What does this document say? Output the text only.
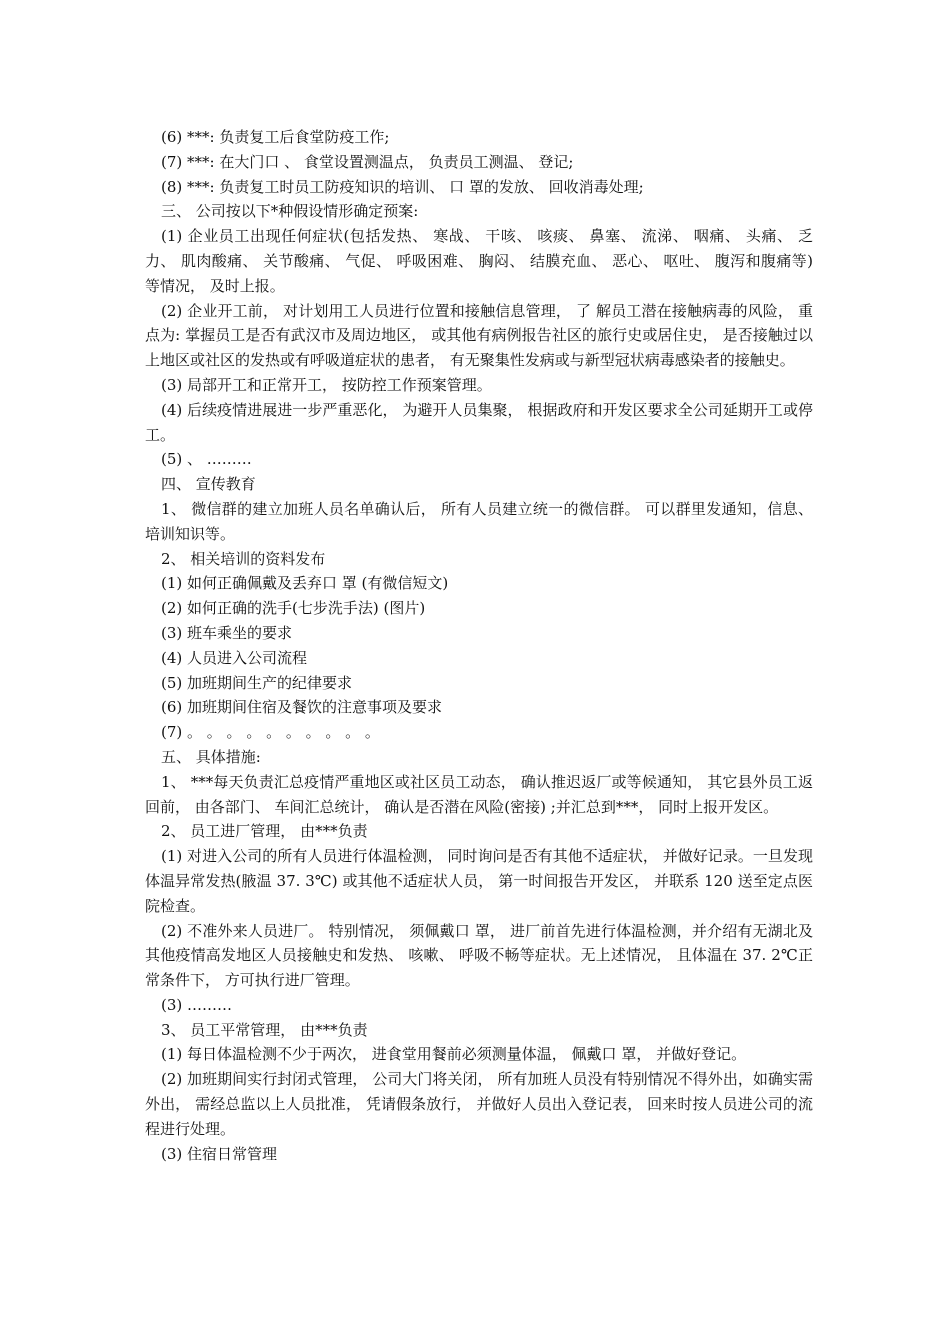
(6) ***: 负责复工后食堂防疫工作;

(7) ***: 在大门口 、 食堂设置测温点， 负责员工测温、 登记;

(8) ***: 负责复工时员工防疫知识的培训、 口 罩的发放、 回收消毒处理;

三、 公司按以下*种假设情形确定预案:

(1) 企业员工出现任何症状(包括发热、 寒战、 干咳、 咳痰、 鼻塞、 流涕、 咽痛、 头痛、 乏力、 肌肉酸痛、 关节酸痛、 气促、 呼吸困难、 胸闷、 结膜充血、 恶心、 呕吐、 腹泻和腹痛等) 等情况， 及时上报。

(2) 企业开工前， 对计划用工人员进行位置和接触信息管理， 了 解员工潜在接触病毒的风险， 重点为: 掌握员工是否有武汉市及周边地区， 或其他有病例报告社区的旅行史或居住史， 是否接触过以上地区或社区的发热或有呼吸道症状的患者， 有无聚集性发病或与新型冠状病毒感染者的接触史。

(3) 局部开工和正常开工， 按防控工作预案管理。

(4) 后续疫情进展进一步严重恶化， 为避开人员集聚， 根据政府和开发区要求全公司延期开工或停工。

(5) 、 ………

四、 宣传教育

1、 微信群的建立加班人员名单确认后， 所有人员建立统一的微信群。 可以群里发通知，信息、培训知识等。

2、 相关培训的资料发布

(1) 如何正确佩戴及丢弃口 罩 (有微信短文)

(2) 如何正确的洗手(七步洗手法) (图片)

(3) 班车乘坐的要求

(4) 人员进入公司流程

(5) 加班期间生产的纪律要求

(6) 加班期间住宿及餐饮的注意事项及要求

(7) 。 。 。 。 。 。 。 。 。 。

五、 具体措施:

1、 ***每天负责汇总疫情严重地区或社区员工动态， 确认推迟返厂或等候通知， 其它县外员工返回前， 由各部门、 车间汇总统计， 确认是否潜在风险(密接) ;并汇总到***， 同时上报开发区。

2、 员工进厂管理， 由***负责

(1) 对进入公司的所有人员进行体温检测， 同时询问是否有其他不适症状， 并做好记录。一旦发现体温异常发热(腋温 37. 3℃) 或其他不适症状人员， 第一时间报告开发区， 并联系 120 送至定点医院检查。

(2) 不准外来人员进厂。 特别情况， 须佩戴口 罩， 进厂前首先进行体温检测，并介绍有无湖北及其他疫情高发地区人员接触史和发热、 咳嗽、 呼吸不畅等症状。无上述情况， 且体温在 37. 2℃正常条件下， 方可执行进厂管理。

(3) ………

3、 员工平常管理， 由***负责

(1) 每日体温检测不少于两次， 进食堂用餐前必须测量体温， 佩戴口 罩， 并做好登记。

(2) 加班期间实行封闭式管理， 公司大门将关闭， 所有加班人员没有特别情况不得外出，如确实需外出， 需经总监以上人员批准， 凭请假条放行， 并做好人员出入登记表， 回来时按人员进公司的流程进行处理。

(3) 住宿日常管理
